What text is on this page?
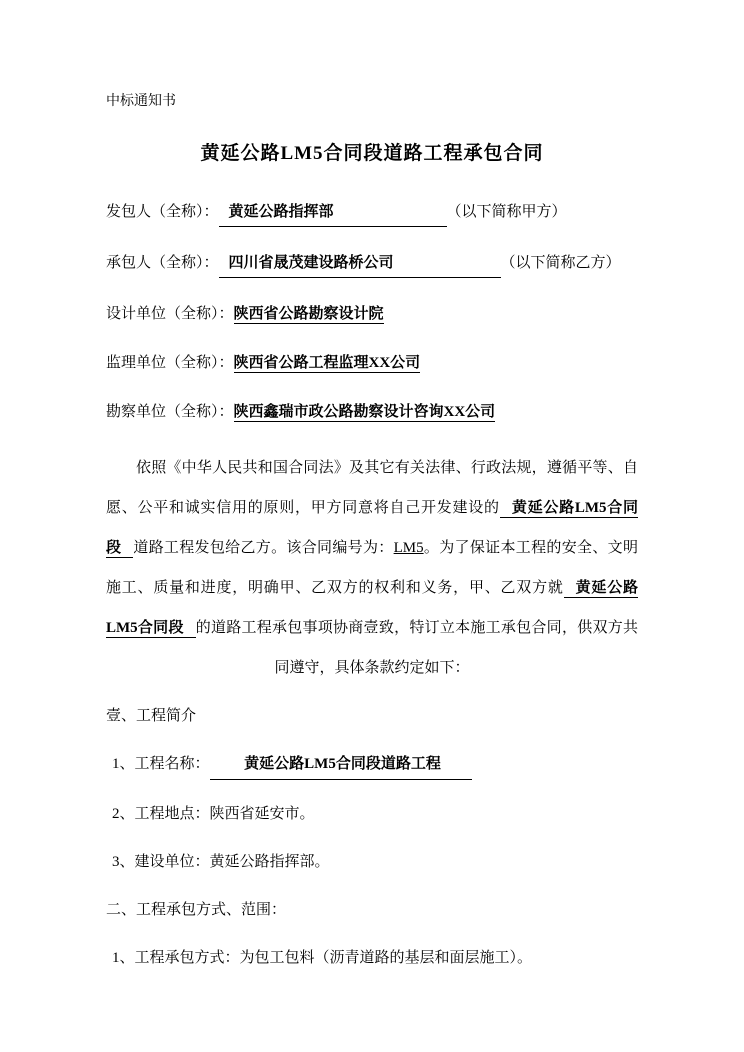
中标通知书
黄延公路LM5合同段道路工程承包合同
发包人（全称）： 黄延公路指挥部	（以下简称甲方）
承包人（全称）： 四川省晟茂建设路桥公司	（以下简称乙方）
设计单位（全称）：陕西省公路勘察设计院
监理单位（全称）：陕西省公路工程监理XX公司
勘察单位（全称）：陕西鑫瑞市政公路勘察设计咨询XX公司

依照《中华人民共和国合同法》及其它有关法律、行政法规，遵循平等、自愿、公平和诚实信用的原则，甲方同意将自己开发建设的 黄延公路LM5合同段 道路工程发包给乙方。该合同编号为：LM5。为了保证本工程的安全、文明施工、质量和进度，明确甲、乙双方的权利和义务，甲、乙双方就 黄延公路LM5合同段 的道路工程承包事项协商壹致，特订立本施工承包合同，供双方共同遵守，具体条款约定如下：

壹、工程简介
1、工程名称： 黄延公路LM5合同段道路工程
2、工程地点：陕西省延安市。
3、建设单位：黄延公路指挥部。
二、工程承包方式、范围：
1、工程承包方式：为包工包料（沥青道路的基层和面层施工）。
